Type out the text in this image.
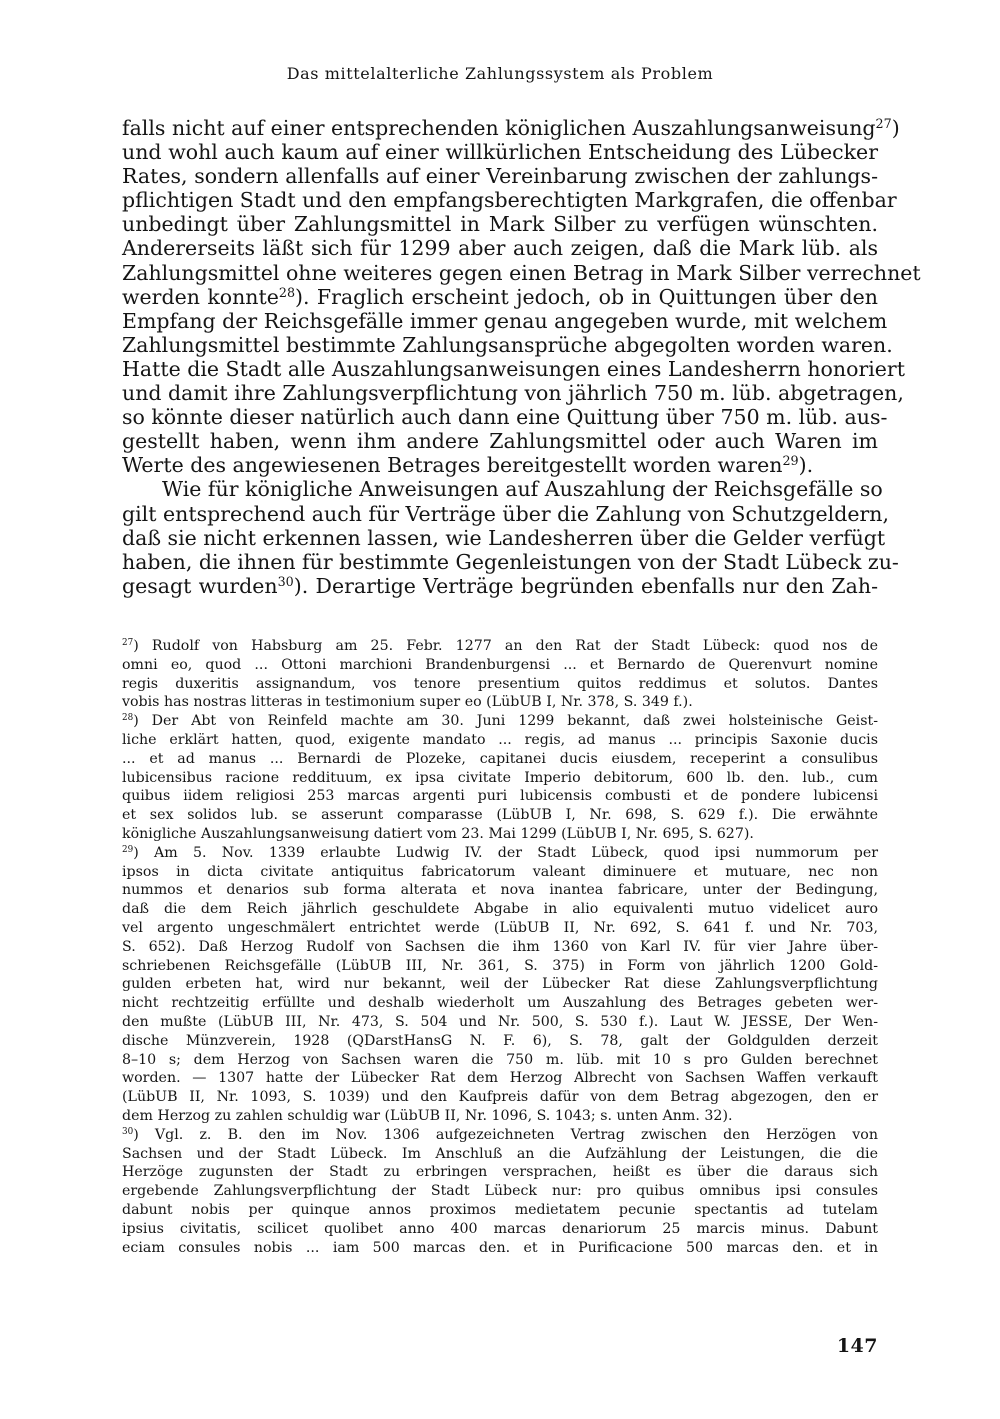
Das mittelalterliche Zahlungssystem als Problem
falls nicht auf einer entsprechenden königlichen Auszahlungsanweisung$^{27}$)
und wohl auch kaum auf einer willkürlichen Entscheidung des Lübecker
Rates, sondern allenfalls auf einer Vereinbarung zwischen der zahlungs-
pflichtigen Stadt und den empfangsberechtigten Markgrafen, die offenbar
unbedingt über Zahlungsmittel in Mark Silber zu verfügen wünschten.
Andererseits läßt sich für 1299 aber auch zeigen, daß die Mark lüb. als
Zahlungsmittel ohne weiteres gegen einen Betrag in Mark Silber verrechnet
werden konnte$^{28}$). Fraglich erscheint jedoch, ob in Quittungen über den
Empfang der Reichsgefälle immer genau angegeben wurde, mit welchem
Zahlungsmittel bestimmte Zahlungsansprüche abgegolten worden waren.
Hatte die Stadt alle Auszahlungsanweisungen eines Landesherrn honoriert
und damit ihre Zahlungsverpflichtung von jährlich 750 m. lüb. abgetragen,
so könnte dieser natürlich auch dann eine Quittung über 750 m. lüb. aus-
gestellt haben, wenn ihm andere Zahlungsmittel oder auch Waren im
Werte des angewiesenen Betrages bereitgestellt worden waren$^{29}$).
Wie für königliche Anweisungen auf Auszahlung der Reichsgefälle so
gilt entsprechend auch für Verträge über die Zahlung von Schutzgeldern,
daß sie nicht erkennen lassen, wie Landesherren über die Gelder verfügt
haben, die ihnen für bestimmte Gegenleistungen von der Stadt Lübeck zu-
gesagt wurden$^{30}$). Derartige Verträge begründen ebenfalls nur den Zah-
$^{27}$) Rudolf von Habsburg am 25. Febr. 1277 an den Rat der Stadt Lübeck: quod nos de
omni eo, quod ... Ottoni marchioni Brandenburgensi ... et Bernardo de Querenvurt nomine
regis duxeritis assignandum, vos tenore presentium quitos reddimus et solutos. Dantes
vobis has nostras litteras in testimonium super eo (LübUB I, Nr. 378, S. 349 f.).
$^{28}$) Der Abt von Reinfeld machte am 30. Juni 1299 bekannt, daß zwei holsteinische Geist-
liche erklärt hatten, quod, exigente mandato ... regis, ad manus ... principis Saxonie ducis
... et ad manus ... Bernardi de Plozeke, capitanei ducis eiusdem, receperint a consulibus
lubicensibus racione reddituum, ex ipsa civitate Imperio debitorum, 600 lb. den. lub., cum
quibus iidem religiosi 253 marcas argenti puri lubicensis combusti et de pondere lubicensi
et sex solidos lub. se asserunt comparasse (LübUB I, Nr. 698, S. 629 f.). Die erwähnte
königliche Auszahlungsanweisung datiert vom 23. Mai 1299 (LübUB I, Nr. 695, S. 627).
$^{29}$) Am 5. Nov. 1339 erlaubte Ludwig IV. der Stadt Lübeck, quod ipsi nummorum per
ipsos in dicta civitate antiquitus fabricatorum valeant diminuere et mutuare, nec non
nummos et denarios sub forma alterata et nova inantea fabricare, unter der Bedingung,
daß die dem Reich jährlich geschuldete Abgabe in alio equivalenti mutuo videlicet auro
vel argento ungeschmälert entrichtet werde (LübUB II, Nr. 692, S. 641 f. und Nr. 703,
S. 652). Daß Herzog Rudolf von Sachsen die ihm 1360 von Karl IV. für vier Jahre über-
schriebenen Reichsgefälle (LübUB III, Nr. 361, S. 375) in Form von jährlich 1200 Gold-
gulden erbeten hat, wird nur bekannt, weil der Lübecker Rat diese Zahlungsverpflichtung
nicht rechtzeitig erfüllte und deshalb wiederholt um Auszahlung des Betrages gebeten wer-
den mußte (LübUB III, Nr. 473, S. 504 und Nr. 500, S. 530 f.). Laut W. JESSE, Der Wen-
dische Münzverein, 1928 (QDarstHansG N. F. 6), S. 78, galt der Goldgulden derzeit
8–10 s; dem Herzog von Sachsen waren die 750 m. lüb. mit 10 s pro Gulden berechnet
worden. — 1307 hatte der Lübecker Rat dem Herzog Albrecht von Sachsen Waffen verkauft
(LübUB II, Nr. 1093, S. 1039) und den Kaufpreis dafür von dem Betrag abgezogen, den er
dem Herzog zu zahlen schuldig war (LübUB II, Nr. 1096, S. 1043; s. unten Anm. 32).
$^{30}$) Vgl. z. B. den im Nov. 1306 aufgezeichneten Vertrag zwischen den Herzögen von
Sachsen und der Stadt Lübeck. Im Anschluß an die Aufzählung der Leistungen, die die
Herzöge zugunsten der Stadt zu erbringen versprachen, heißt es über die daraus sich
ergebende Zahlungsverpflichtung der Stadt Lübeck nur: pro quibus omnibus ipsi consules
dabunt nobis per quinque annos proximos medietatem pecunie spectantis ad tutelam
ipsius civitatis, scilicet quolibet anno 400 marcas denariorum 25 marcis minus. Dabunt
eciam consules nobis ... iam 500 marcas den. et in Purificacione 500 marcas den. et in
147
